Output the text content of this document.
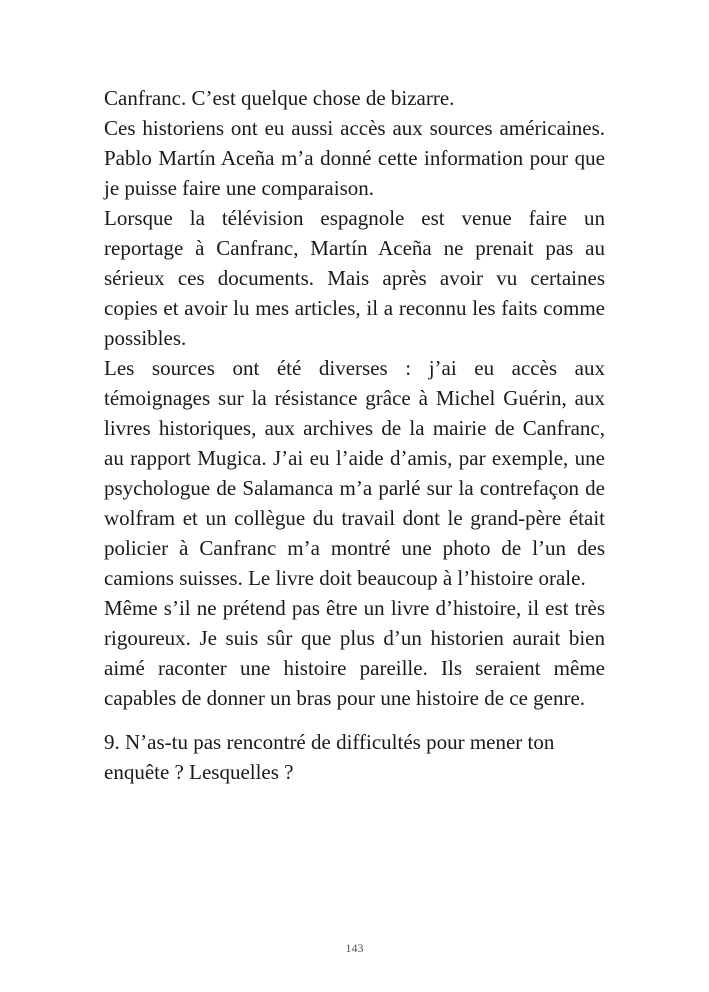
Canfranc. C’est quelque chose de bizarre.

Ces historiens ont eu aussi accès aux sources américaines. Pablo Martín Aceña m’a donné cette information pour que je puisse faire une comparaison.

Lorsque la télévision espagnole est venue faire un reportage à Canfranc, Martín Aceña ne prenait pas au sérieux ces documents. Mais après avoir vu certaines copies et avoir lu mes articles, il a reconnu les faits comme possibles.

Les sources ont été diverses : j’ai eu accès aux témoignages sur la résistance grâce à Michel Guérin, aux livres historiques, aux archives de la mairie de Canfranc, au rapport Mugica. J’ai eu l’aide d’amis, par exemple, une psychologue de Salamanca m’a parlé sur la contrefaçon de wolfram et un collègue du travail dont le grand-père était policier à Canfranc m’a montré une photo de l’un des camions suisses. Le livre doit beaucoup à l’histoire orale.

Même s’il ne prétend pas être un livre d’histoire, il est très rigoureux. Je suis sûr que plus d’un historien aurait bien aimé raconter une histoire pareille. Ils seraient même capables de donner un bras pour une histoire de ce genre.

9. N’as-tu pas rencontré de difficultés pour mener ton enquête ? Lesquelles ?

143
